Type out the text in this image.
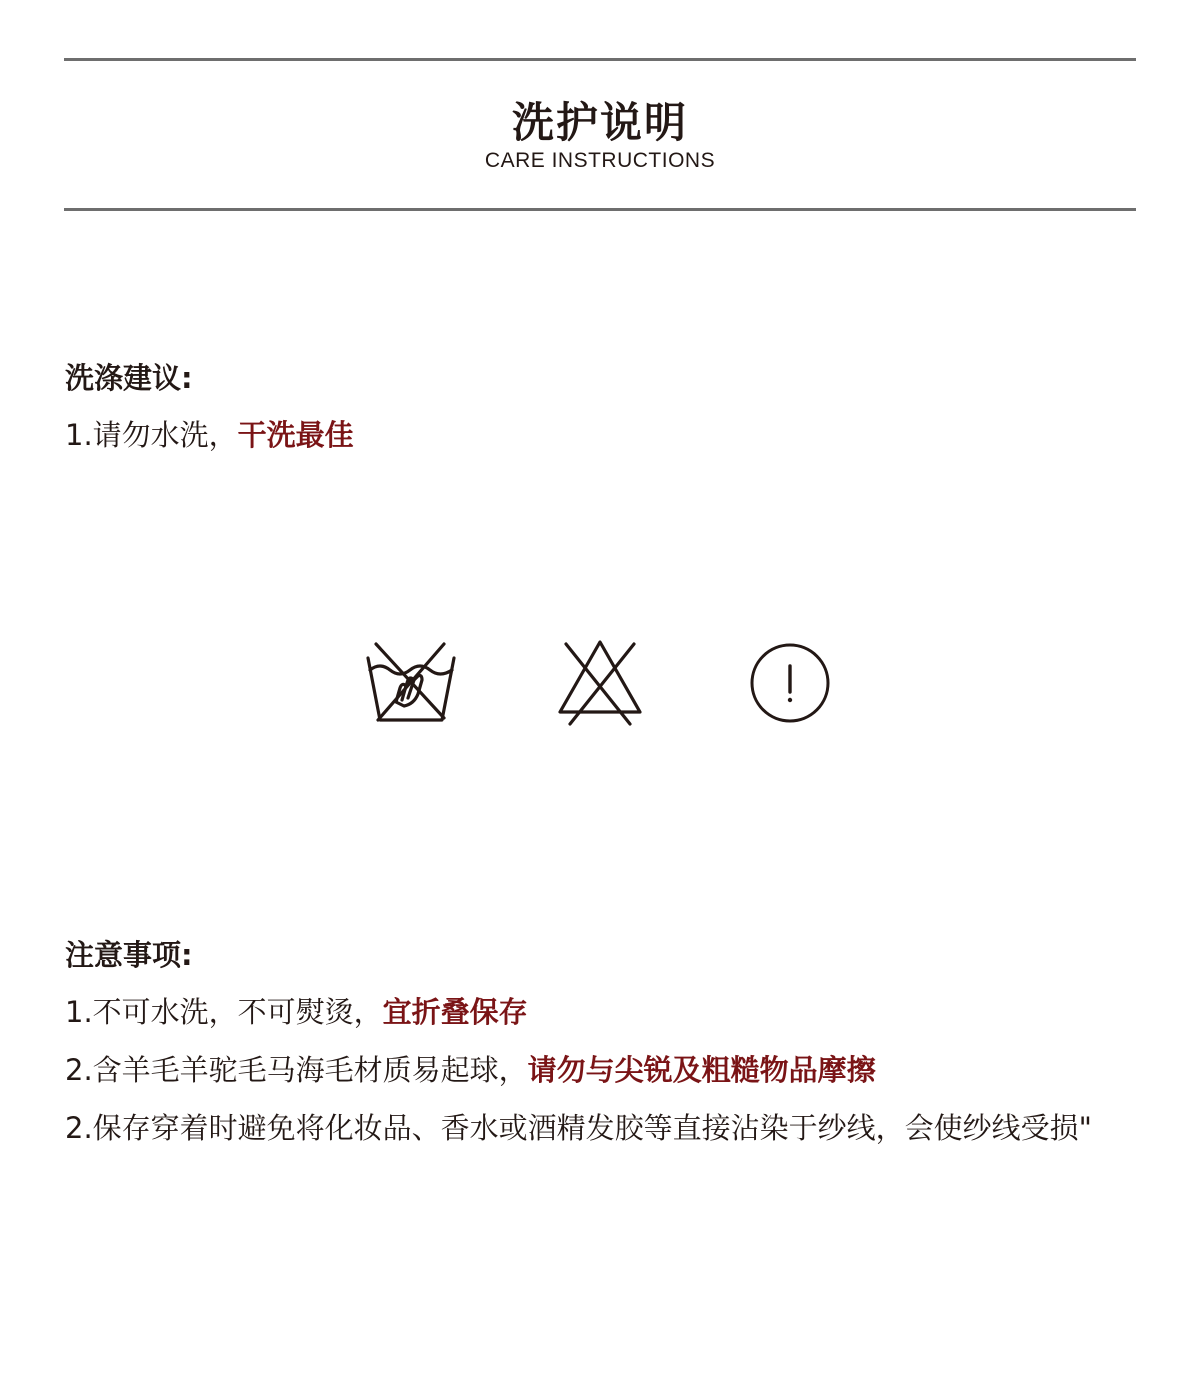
洗护说明
CARE INSTRUCTIONS
洗涤建议:
1.请勿水洗，干洗最佳
注意事项:
1.不可水洗，不可熨烫，宜折叠保存
2.含羊毛羊驼毛马海毛材质易起球，请勿与尖锐及粗糙物品摩擦
2.保存穿着时避免将化妆品、香水或酒精发胶等直接沾染于纱线，会使纱线受损"
